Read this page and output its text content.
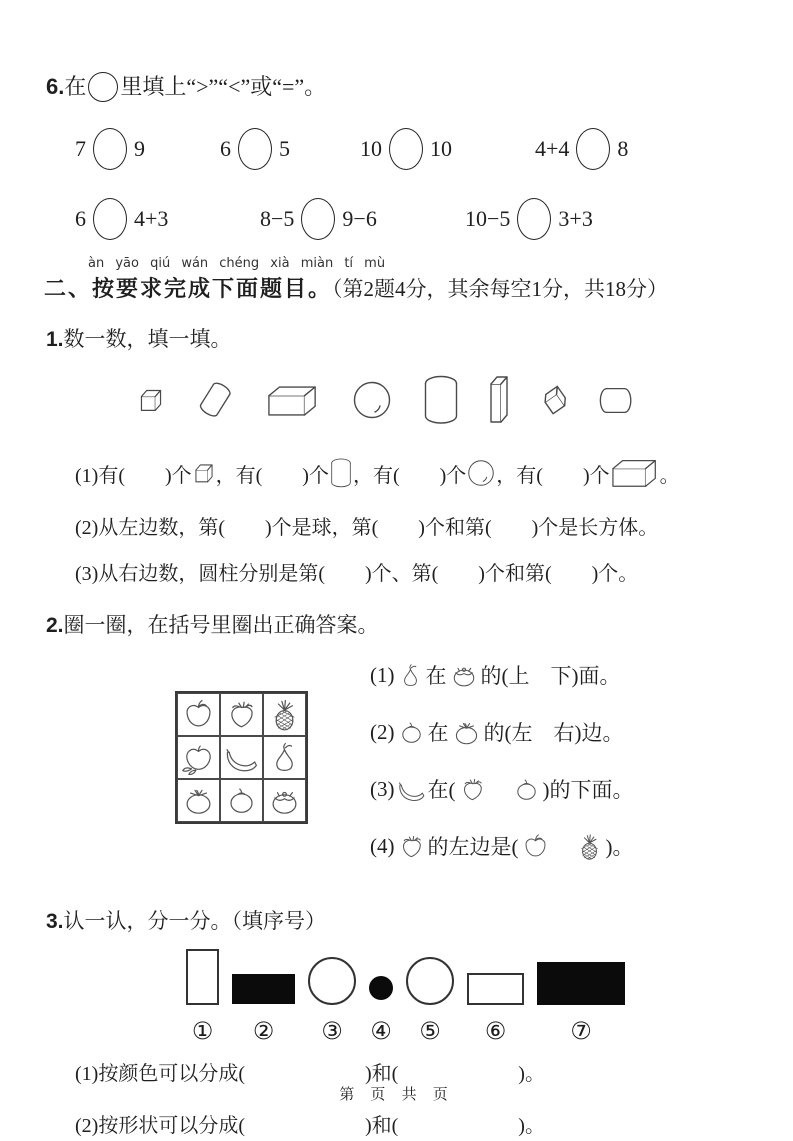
6.在 里填上“>”“<”或“=”。
7 9	6 5	10 10	4+4 8
6 4+3	8−5 9−6	10−5 3+3
àn yāo qiú wán chéng xià miàn tí mù
二、按要求完成下面题目。（第2题4分，其余每空1分，共18分）
1.数一数，填一填。
(1)有(　　)个 ，有(　　)个 ，有(　　)个 ，有(　　)个	。
(2)从左边数，第(　　)个是球，第(　　)个和第(　　)个是长方体。
(3)从右边数，圆柱分别是第(　　)个、第(　　)个和第(　　)个。
2.圈一圈，在括号里圈出正确答案。
(1) 在 的(上　下)面。
(2) 在 的(左　右)边。
(3) 在(
　	)的下面。
(4) 的左边是(
　	)。
3.认一认，分一分。（填序号）
① ② ③ ④ ⑤ ⑥	⑦
(1)按颜色可以分成(　　　　　　)和(　　　　　　)。
(2)按形状可以分成(　　　　　　)和(　　　　　　)。
第 页 共 页
